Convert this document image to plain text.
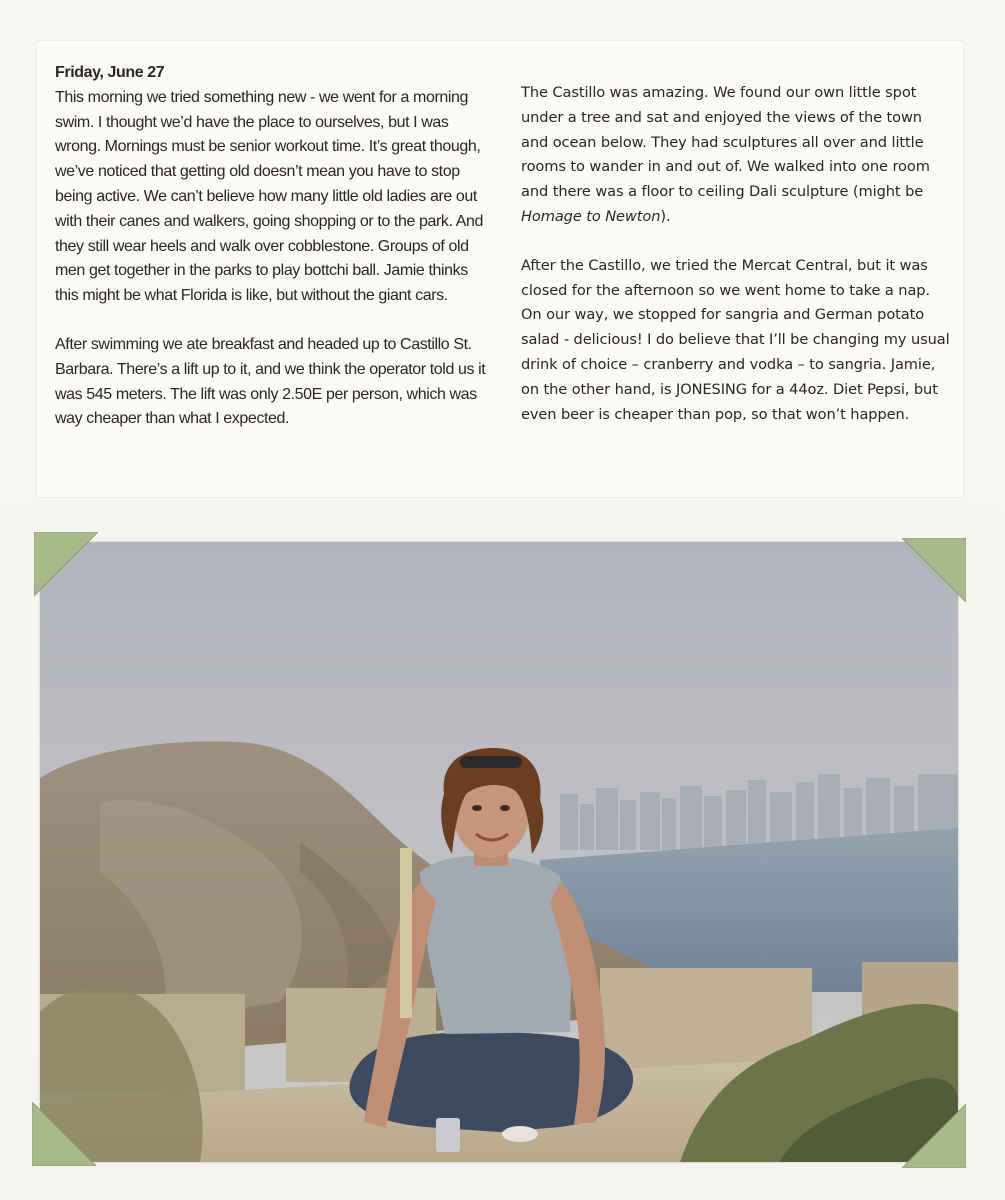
Friday, June 27
This morning we tried something new - we went for a morning swim. I thought we’d have the place to ourselves, but I was wrong. Mornings must be senior workout time. It’s great though, we’ve noticed that getting old doesn’t mean you have to stop being active. We can’t believe how many little old ladies are out with their canes and walkers, going shopping or to the park. And they still wear heels and walk over cobblestone. Groups of old men get together in the parks to play bottchi ball. Jamie thinks this might be what Florida is like, but without the giant cars.
After swimming we ate breakfast and headed up to Castillo St. Barbara. There’s a lift up to it, and we think the operator told us it was 545 meters. The lift was only 2.50E per person, which was way cheaper than what I expected.
The Castillo was amazing. We found our own little spot under a tree and sat and enjoyed the views of the town and ocean below. They had sculptures all over and little rooms to wander in and out of. We walked into one room and there was a floor to ceiling Dali sculpture (might be Homage to Newton).
After the Castillo, we tried the Mercat Central, but it was closed for the afternoon so we went home to take a nap. On our way, we stopped for sangria and German potato salad - delicious! I do believe that I’ll be changing my usual drink of choice – cranberry and vodka – to sangria. Jamie, on the other hand, is JONESING for a 44oz. Diet Pepsi, but even beer is cheaper than pop, so that won’t happen.
